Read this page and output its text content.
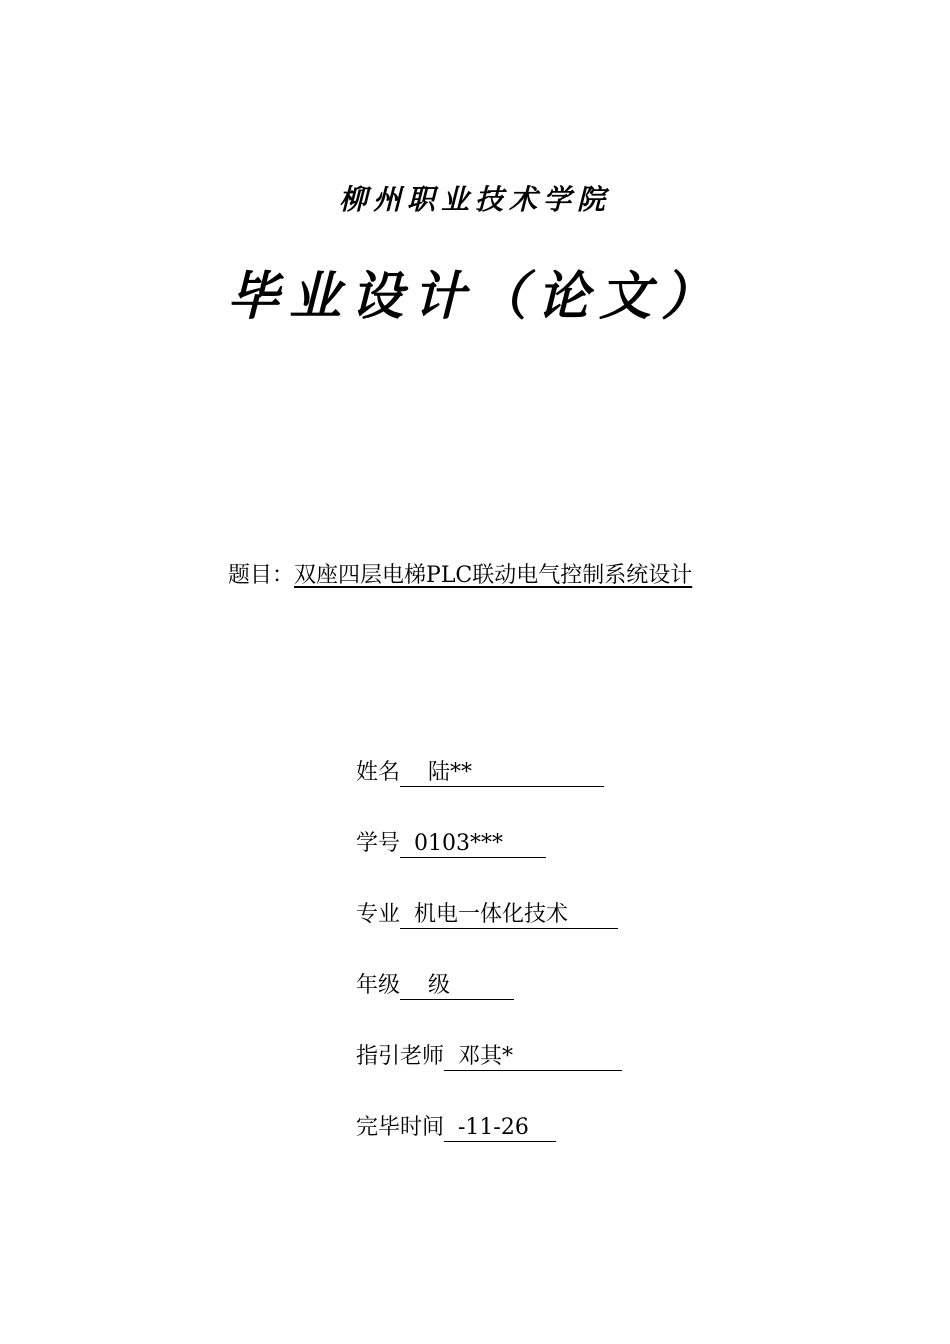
柳州职业技术学院
毕业设计（论文）
题目：双座四层电梯PLC联动电气控制系统设计

姓名    陆**

学号  0103***

专业  机电一体化技术

年级    级

指引老师  邓其*

完毕时间  -11-26
